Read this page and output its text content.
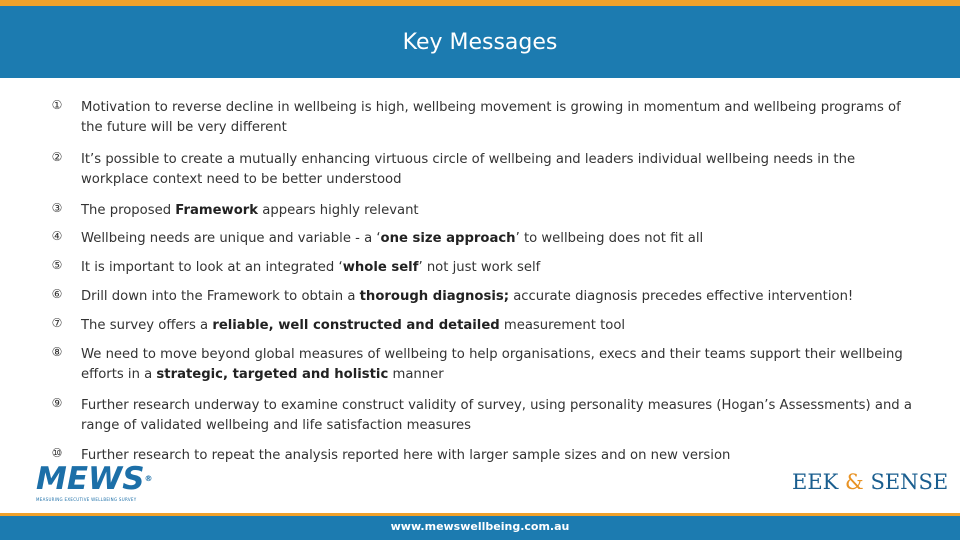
Key Messages
① Motivation to reverse decline in wellbeing is high, wellbeing movement is growing in momentum and wellbeing programs of the future will be very different
② It’s possible to create a mutually enhancing virtuous circle of wellbeing and leaders individual wellbeing needs in the workplace context need to be better understood
③ The proposed Framework appears highly relevant
④ Wellbeing needs are unique and variable - a ‘one size approach’ to wellbeing does not fit all
⑤ It is important to look at an integrated ‘whole self’ not just work self
⑥ Drill down into the Framework to obtain a thorough diagnosis; accurate diagnosis precedes effective intervention!
⑦ The survey offers a reliable, well constructed and detailed measurement tool
⑧ We need to move beyond global measures of wellbeing to help organisations, execs and their teams support their wellbeing efforts in a strategic, targeted and holistic manner
⑨ Further research underway to examine construct validity of survey, using personality measures (Hogan’s Assessments) and a range of validated wellbeing and life satisfaction measures
⑩ Further research to repeat the analysis reported here with larger sample sizes and on new version
MEWS®
MEASURING EXECUTIVE WELLBEING SURVEY
EEK & SENSE
www.mewswellbeing.com.au
